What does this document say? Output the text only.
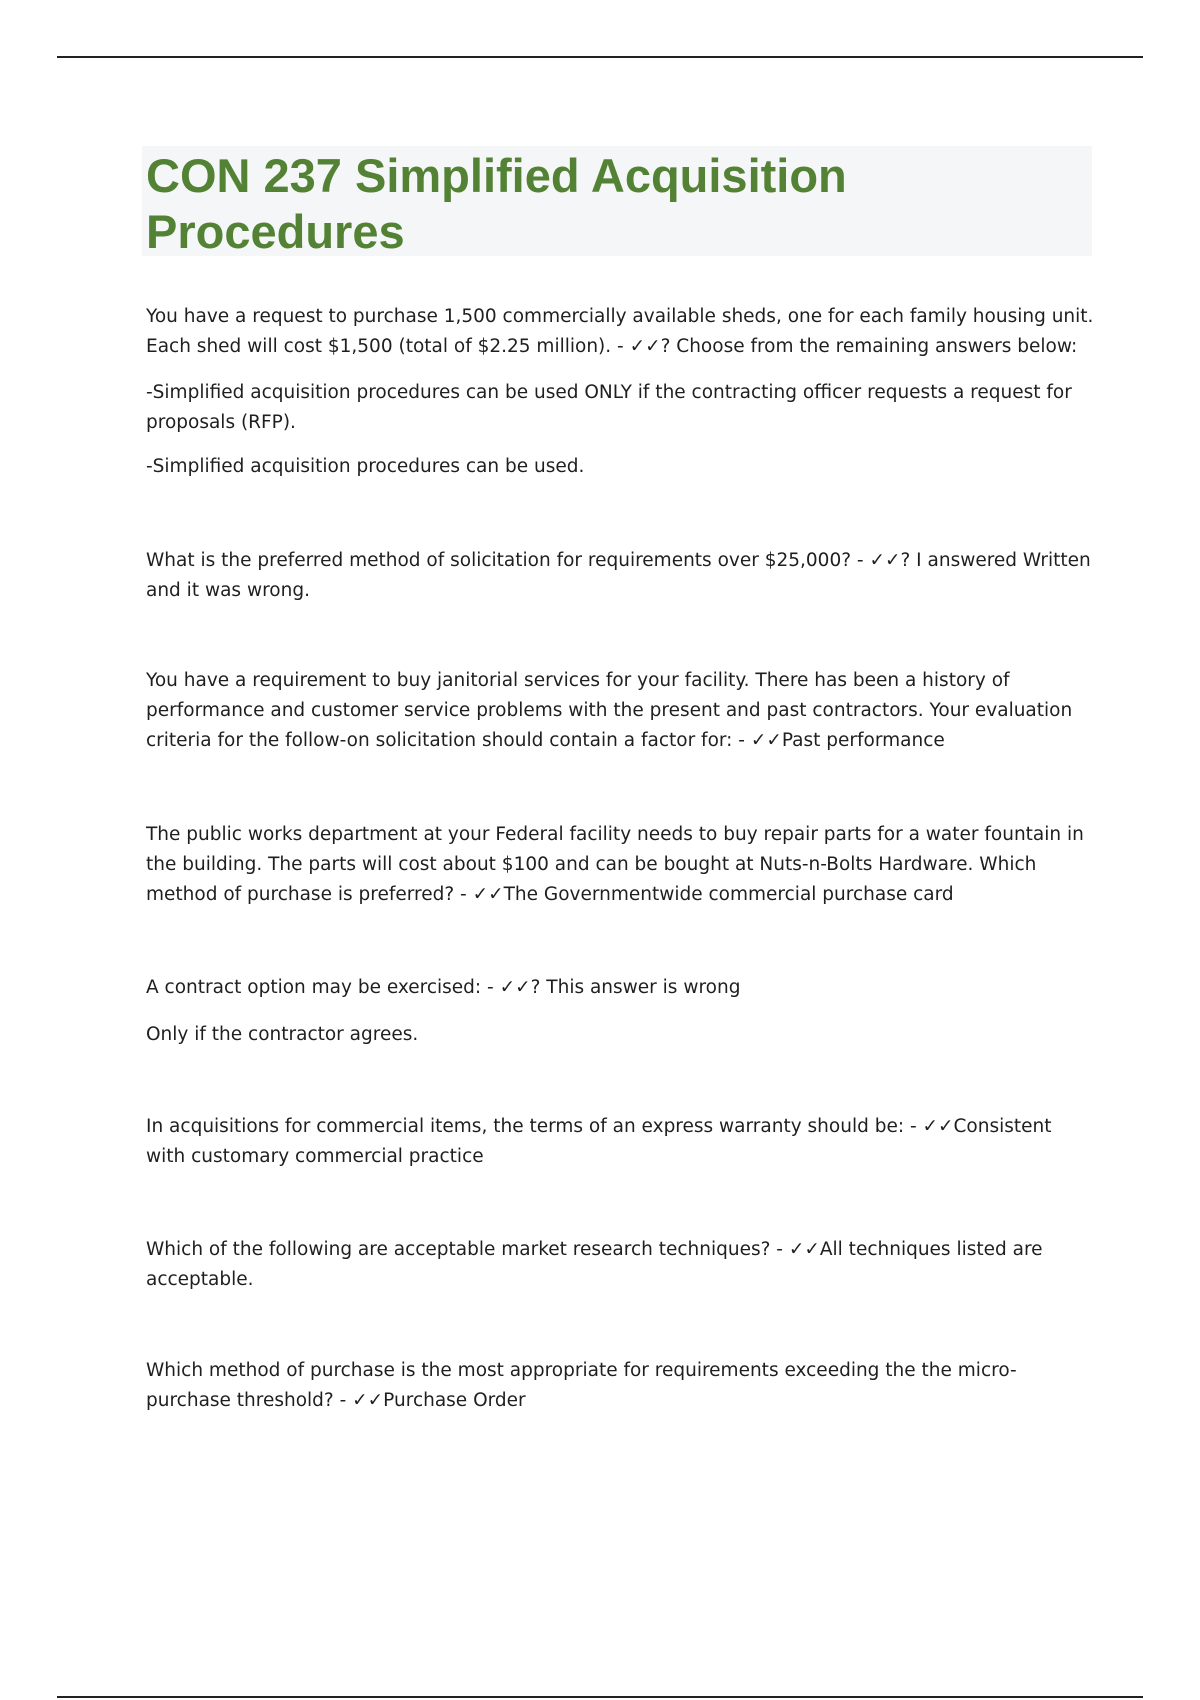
CON 237 Simplified Acquisition Procedures
You have a request to purchase 1,500 commercially available sheds, one for each family housing unit. Each shed will cost $1,500 (total of $2.25 million). - ✓✓? Choose from the remaining answers below:
-Simplified acquisition procedures can be used ONLY if the contracting officer requests a request for proposals (RFP).
-Simplified acquisition procedures can be used.
What is the preferred method of solicitation for requirements over $25,000? - ✓✓? I answered Written and it was wrong.
You have a requirement to buy janitorial services for your facility. There has been a history of performance and customer service problems with the present and past contractors. Your evaluation criteria for the follow-on solicitation should contain a factor for: - ✓✓Past performance
The public works department at your Federal facility needs to buy repair parts for a water fountain in the building. The parts will cost about $100 and can be bought at Nuts-n-Bolts Hardware. Which method of purchase is preferred? - ✓✓The Governmentwide commercial purchase card
A contract option may be exercised: - ✓✓? This answer is wrong
Only if the contractor agrees.
In acquisitions for commercial items, the terms of an express warranty should be: - ✓✓Consistent with customary commercial practice
Which of the following are acceptable market research techniques? - ✓✓All techniques listed are acceptable.
Which method of purchase is the most appropriate for requirements exceeding the the micro-purchase threshold? - ✓✓Purchase Order
